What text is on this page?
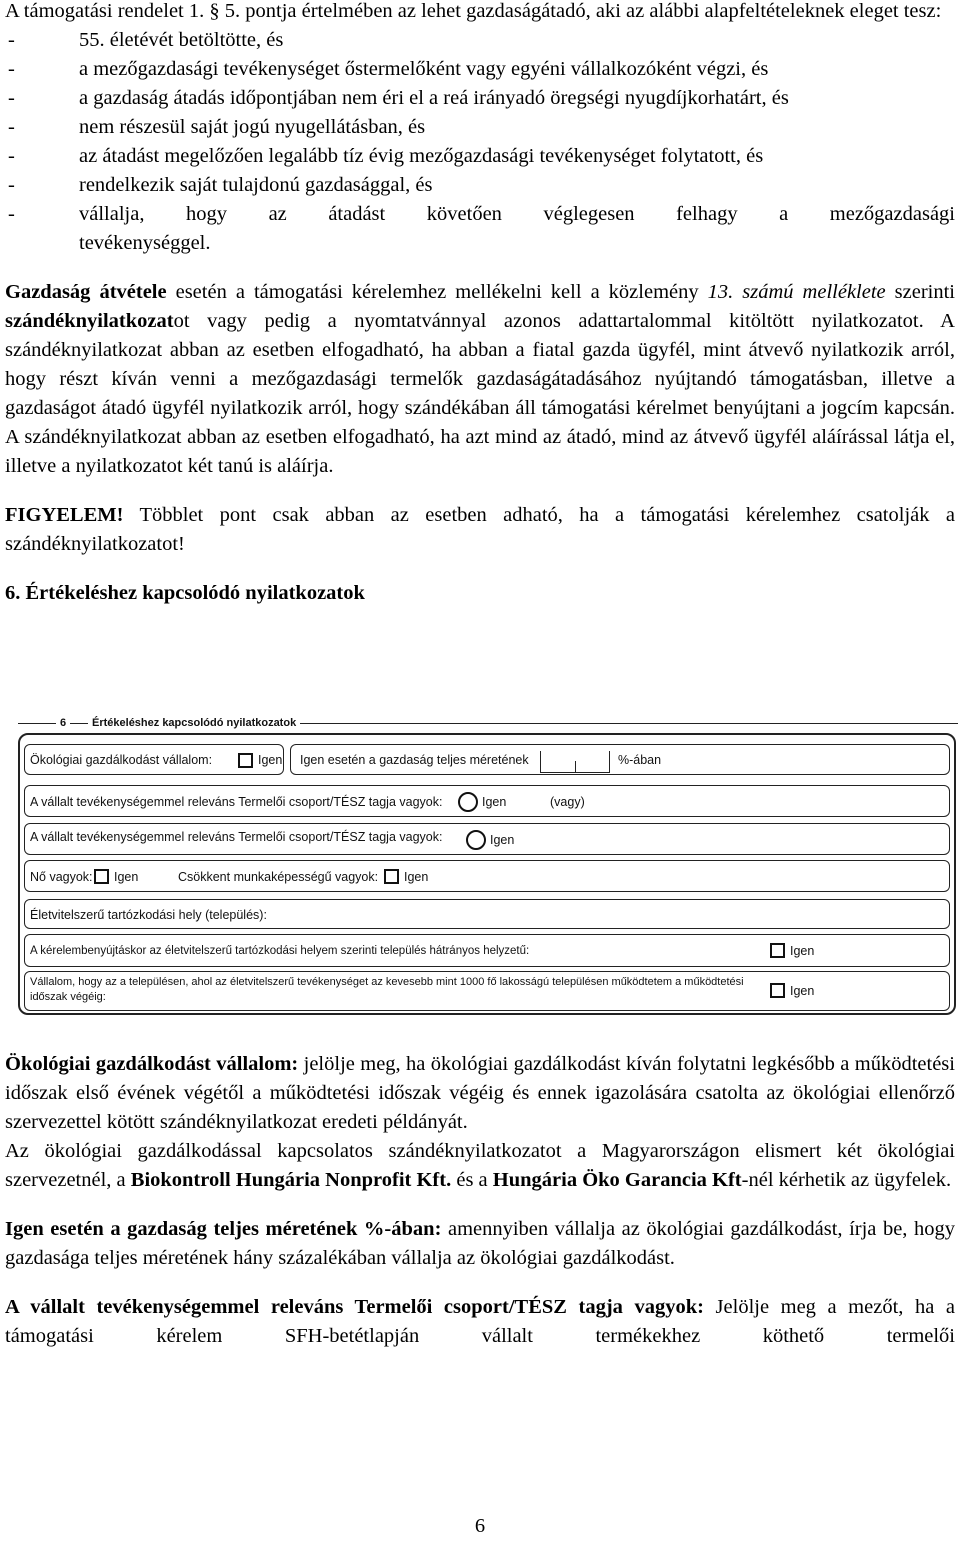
A támogatási rendelet 1. § 5. pontja értelmében az lehet gazdaságátadó, aki az alábbi alapfeltételeknek eleget tesz:

-	55. életévét betöltötte, és
-	a mezőgazdasági tevékenységet őstermelőként vagy egyéni vállalkozóként végzi, és
-	a gazdaság átadás időpontjában nem éri el a reá irányadó öregségi nyugdíjkorhatárt, és
-	nem részesül saját jogú nyugellátásban, és
-	az átadást megelőzően legalább tíz évig mezőgazdasági tevékenységet folytatott, és
-	rendelkezik saját tulajdonú gazdasággal, és
-	vállalja, hogy az átadást követően véglegesen felhagy a mezőgazdasági
tevékenységgel.

Gazdaság átvétele esetén a támogatási kérelemhez mellékelni kell a közlemény 13. számú melléklete szerinti szándéknyilatkozatot vagy pedig a nyomtatvánnyal azonos adattartalommal kitöltött nyilatkozatot. A szándéknyilatkozat abban az esetben elfogadható, ha abban a fiatal gazda ügyfél, mint átvevő nyilatkozik arról, hogy részt kíván venni a mezőgazdasági termelők gazdaságátadásához nyújtandó támogatásban, illetve a gazdaságot átadó ügyfél nyilatkozik arról, hogy szándékában áll támogatási kérelmet benyújtani a jogcím kapcsán. A szándéknyilatkozat abban az esetben elfogadható, ha azt mind az átadó, mind az átvevő ügyfél aláírással látja el, illetve a nyilatkozatot két tanú is aláírja.

FIGYELEM! Többlet pont csak abban az esetben adható, ha a támogatási kérelemhez csatolják a szándéknyilatkozatot!

6. Értékeléshez kapcsolódó nyilatkozatok

6	Értékeléshez kapcsolódó nyilatkozatok
Ökológiai gazdálkodást vállalom:	Igen Igen esetén a gazdaság teljes méretének	%-ában
A vállalt tevékenységemmel releváns Termelői csoport/TÉSZ tagja vagyok:	Igen	(vagy)
A vállalt tevékenységemmel releváns Termelői csoport/TÉSZ tagja vagyok:	Igen
Nő vagyok: Igen	Csökkent munkaképességű vagyok: Igen
Életvitelszerű tartózkodási hely (település):
A kérelembenyújtáskor az életvitelszerű tartózkodási helyem szerinti település hátrányos helyzetű:	Igen
Vállalom, hogy az a településen, ahol az életvitelszerű tevékenységet az kevesebb mint 1000 fő lakosságú településen működtetem a működtetési
időszak végéig:	Igen

Ökológiai gazdálkodást vállalom: jelölje meg, ha ökológiai gazdálkodást kíván folytatni legkésőbb a működtetési időszak első évének végétől a működtetési időszak végéig és ennek igazolására csatolta az ökológiai ellenőrző szervezettel kötött szándéknyilatkozat eredeti példányát.

Az ökológiai gazdálkodással kapcsolatos szándéknyilatkozatot a Magyarországon elismert két ökológiai szervezetnél, a Biokontroll Hungária Nonprofit Kft. és a Hungária Öko Garancia Kft-nél kérhetik az ügyfelek.

Igen esetén a gazdaság teljes méretének %-ában: amennyiben vállalja az ökológiai gazdálkodást, írja be, hogy gazdasága teljes méretének hány százalékában vállalja az ökológiai gazdálkodást.

A vállalt tevékenységemmel releváns Termelői csoport/TÉSZ tagja vagyok: Jelölje meg a mezőt, ha a támogatási kérelem SFH-betétlapján vállalt termékekhez köthető termelői

6
